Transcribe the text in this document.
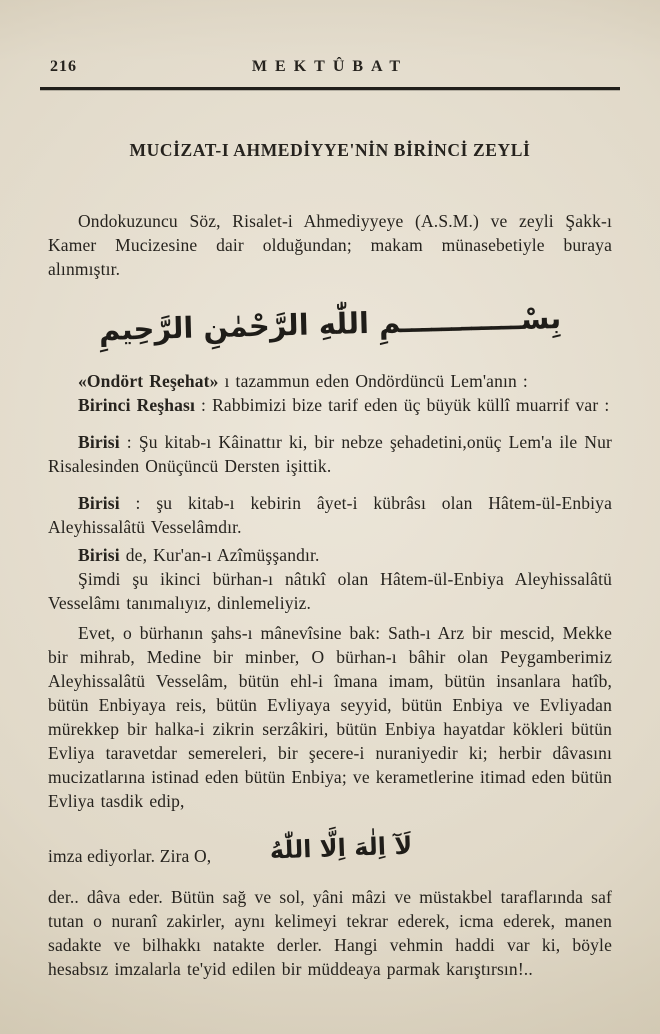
216	MEKTÛBAT
MUCİZAT-I AHMEDİYYE'NİN BİRİNCİ ZEYLİ

Ondokuzuncu Söz, Risalet-i Ahmediyyeye (A.S.M.) ve zeyli Şakk-ı Kamer Mucizesine dair olduğundan; makam münasebetiyle buraya alınmıştır.

بِسْــــــــــــمِ اللّٰهِ الرَّحْمٰنِ الرَّحِيمِ

«Ondört Reşehat» ı tazammun eden Ondördüncü Lem'anın :

Birinci Reşhası : Rabbimizi bize tarif eden üç büyük küllî muarrif var :

Birisi : Şu kitab-ı Kâinattır ki, bir nebze şehadetini,onüç Lem'a ile Nur Risalesinden Onüçüncü Dersten işittik.

Birisi : şu kitab-ı kebirin âyet-i kübrâsı olan Hâtem-ül-Enbiya Aleyhissalâtü Vesselâmdır.

Birisi de, Kur'an-ı Azîmüşşandır.

Şimdi şu ikinci bürhan-ı nâtıkî olan Hâtem-ül-Enbiya Aleyhissalâtü Vesselâmı tanımalıyız, dinlemeliyiz.

Evet, o bürhanın şahs-ı mânevîsine bak: Sath-ı Arz bir mescid, Mekke bir mihrab, Medine bir minber, O bürhan-ı bâhir olan Peygamberimiz Aleyhissalâtü Vesselâm, bütün ehl-i îmana imam, bütün insanlara hatîb, bütün Enbiyaya reis, bütün Evliyaya seyyid, bütün Enbiya ve Evliyadan mürekkep bir halka-i zikrin serzâkiri, bütün Enbiya hayatdar kökleri bütün Evliya taravetdar semereleri, bir şecere-i nuraniyedir ki; herbir dâvasını mucizatlarına istinad eden bütün Enbiya; ve kerametlerine itimad eden bütün Evliya tasdik edip,

imza ediyorlar. Zira O, لَآ اِلٰهَ اِلَّا اللّٰهُ

der.. dâva eder. Bütün sağ ve sol, yâni mâzi ve müstakbel taraflarında saf tutan o nuranî zakirler, aynı kelimeyi tekrar ederek, icma ederek, manen sadakte ve bilhakkı natakte derler. Hangi vehmin haddi var ki, böyle hesabsız imzalarla te'yid edilen bir müddeaya parmak karıştırsın!..
